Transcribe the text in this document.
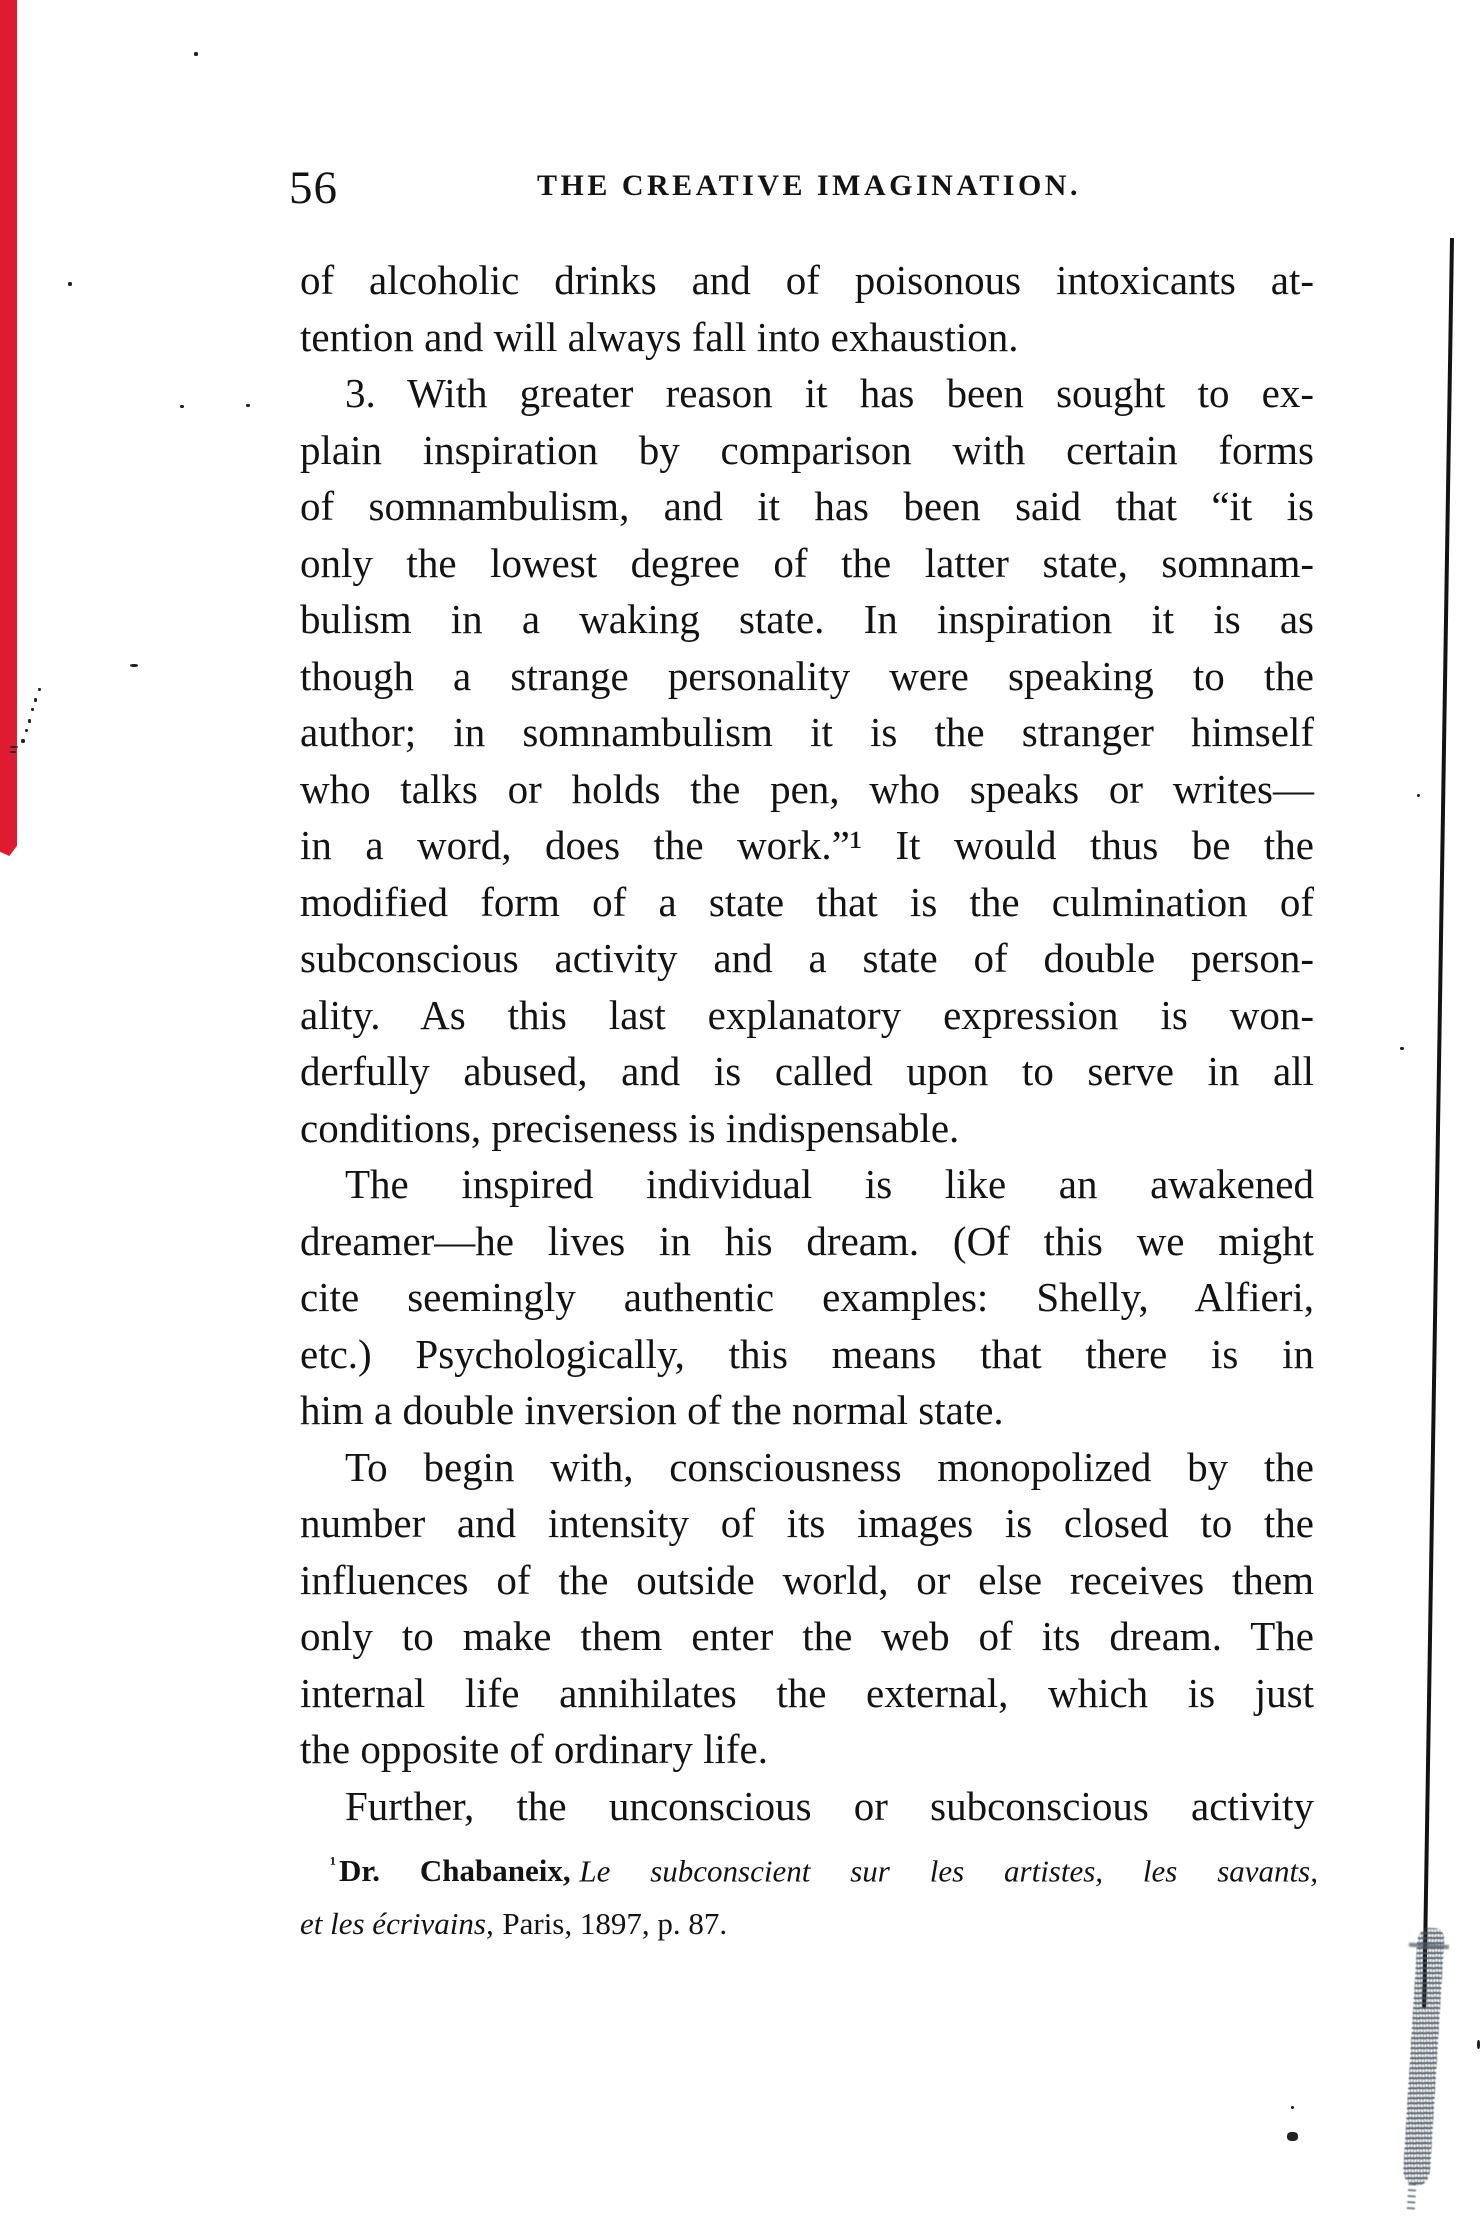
56	THE CREATIVE IMAGINATION.
of alcoholic drinks and of poisonous intoxicants at-
tention and will always fall into exhaustion.
3. With greater reason it has been sought to ex-
plain inspiration by comparison with certain forms
of somnambulism, and it has been said that “it is
only the lowest degree of the latter state, somnam-
bulism in a waking state. In inspiration it is as
though a strange personality were speaking to the
author; in somnambulism it is the stranger himself
who talks or holds the pen, who speaks or writes—
in a word, does the work.”¹ It would thus be the
modified form of a state that is the culmination of
subconscious activity and a state of double person-
ality. As this last explanatory expression is won-
derfully abused, and is called upon to serve in all
conditions, preciseness is indispensable.
The inspired individual is like an awakened
dreamer—he lives in his dream. (Of this we might
cite seemingly authentic examples: Shelly, Alfieri,
etc.) Psychologically, this means that there is in
him a double inversion of the normal state.
To begin with, consciousness monopolized by the
number and intensity of its images is closed to the
influences of the outside world, or else receives them
only to make them enter the web of its dream. The
internal life annihilates the external, which is just
the opposite of ordinary life.
Further, the unconscious or subconscious activity
$^{^1}$Dr. Chabaneix, Le subconscient sur les artistes, les savants,
et les écrivains, Paris, 1897, p. 87.
